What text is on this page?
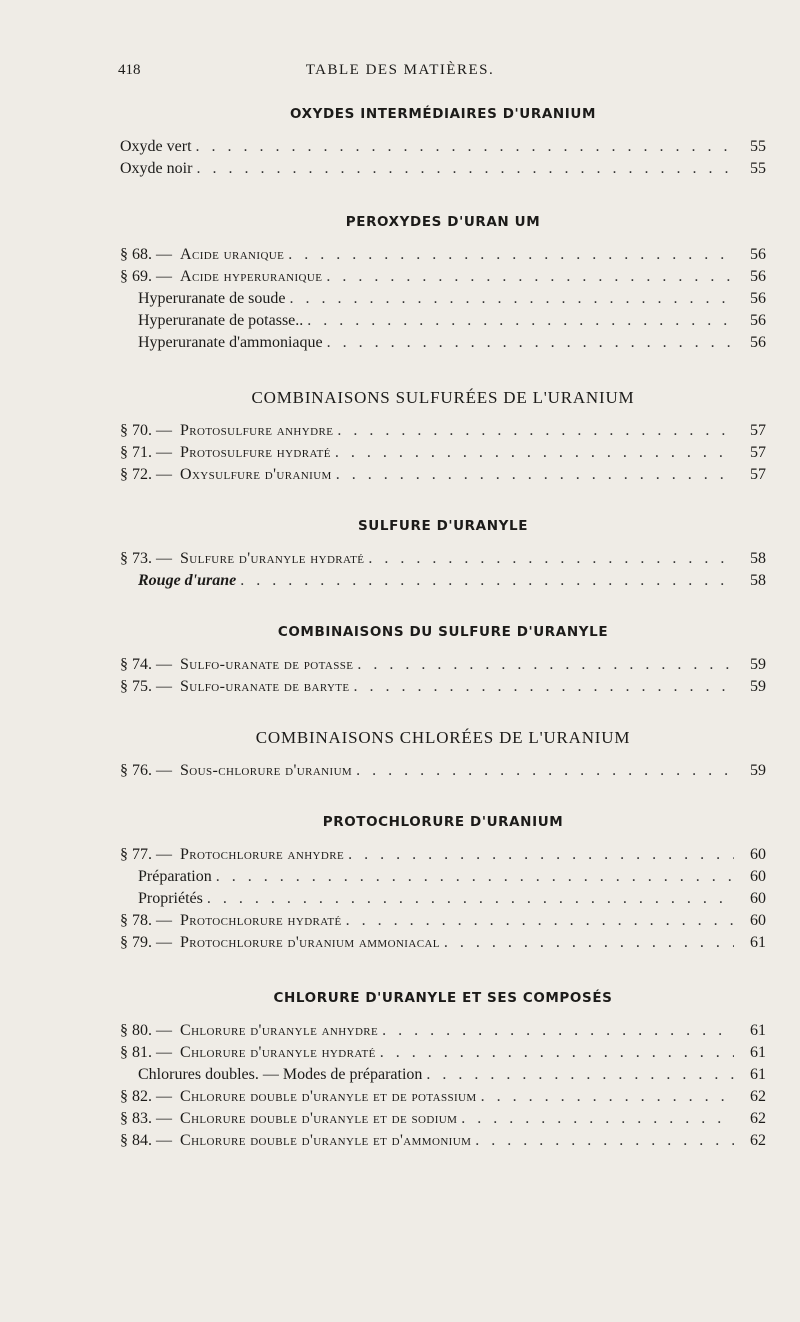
418	TABLE DES MATIÈRES.
OXYDES INTERMÉDIAIRES D'URANIUM
Oxyde vert . . .	55
Oxyde noir . . .	55
PEROXYDES D'URAN UM
§ 68. — Acide uranique . . .	56
§ 69. — Acide hyperuranique . . .	56
Hyperuranate de soude . . .	56
Hyperuranate de potasse.. . . .	56
Hyperuranate d'ammoniaque . . .	56
COMBINAISONS SULFURÉES DE L'URANIUM
§ 70. — Protosulfure anhydre . . .	57
§ 71. — Protosulfure hydraté . . .	57
§ 72. — Oxysulfure d'uranium . . .	57
SULFURE D'URANYLE
§ 73. — Sulfure d'uranyle hydraté . . .	58
Rouge d'urane . . .	58
COMBINAISONS DU SULFURE D'URANYLE
§ 74. — Sulfo-uranate de potasse . . .	59
§ 75. — Sulfo-uranate de baryte . . .	59
COMBINAISONS CHLORÉES DE L'URANIUM
§ 76. — Sous-chlorure d'uranium . . .	59
PROTOCHLORURE D'URANIUM
§ 77. — Protochlorure anhydre . . .	60
Préparation . . .	60
Propriétés . . .	60
§ 78. — Protochlorure hydraté . . .	60
§ 79. — Protochlorure d'uranium ammoniacal . . .	61
CHLORURE D'URANYLE ET SES COMPOSÉS
§ 80. — Chlorure d'uranyle anhydre . . .	61
§ 81. — Chlorure d'uranyle hydraté . . .	61
Chlorures doubles. — Modes de préparation . . .	61
§ 82. — Chlorure double d'uranyle et de potassium . . .	62
§ 83. — Chlorure double d'uranyle et de sodium . . .	62
§ 84. — Chlorure double d'uranyle et d'ammonium . . .	62
